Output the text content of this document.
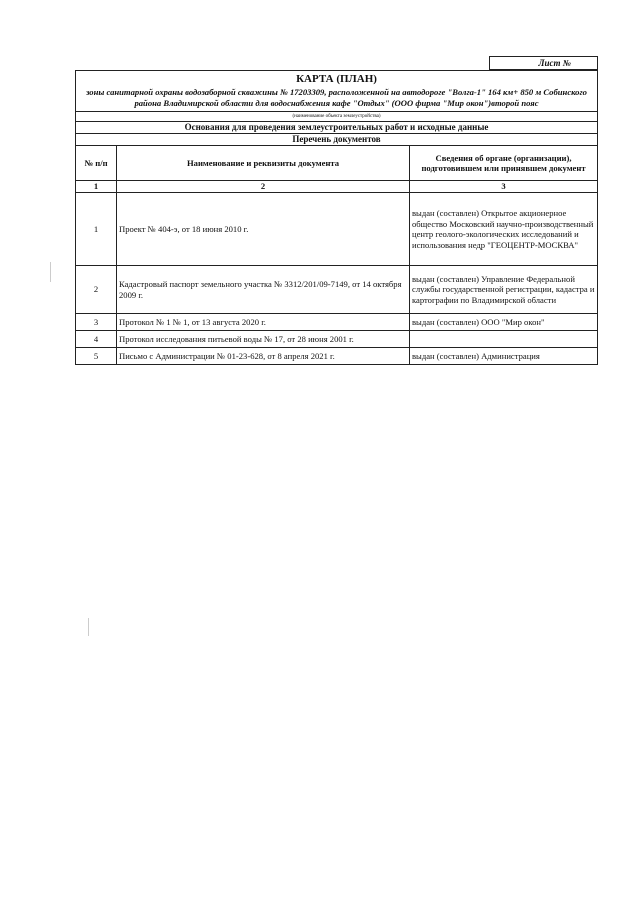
Лист №
КАРТА (ПЛАН)
зоны санитарной охраны водозаборной скважины № 17203309, расположенной на автодороге "Волга-1" 164 км+ 850 м Собинского района Владимирской области для водоснабжения кафе "Отдых" (ООО фирма "Мир окон")второй пояс
(наименование объекта землеустройства)
Основания для проведения землеустроительных работ и исходные данные
Перечень документов
№ п/п	Наименование и реквизиты документа	Сведения об органе (организации), подготовившем или принявшем документ
1	2	3
1	Проект № 404-э, от 18 июня 2010 г.	выдан (составлен) Открытое акционерное общество Московский научно-производственный центр геолого-экологических исследований и использования недр "ГЕОЦЕНТР-МОСКВА"
2	Кадастровый паспорт земельного участка № 3312/201/09-7149, от 14 октября 2009 г.	выдан (составлен) Управление Федеральной службы государственной регистрации, кадастра и картографии по Владимирской области
3	Протокол № 1 № 1, от 13 августа 2020 г.	выдан (составлен) ООО "Мир окон"
4	Протокол исследования питьевой воды № 17, от 28 июня 2001 г.	
5	Письмо с Администрации № 01-23-628, от 8 апреля 2021 г.	выдан (составлен) Администрация
